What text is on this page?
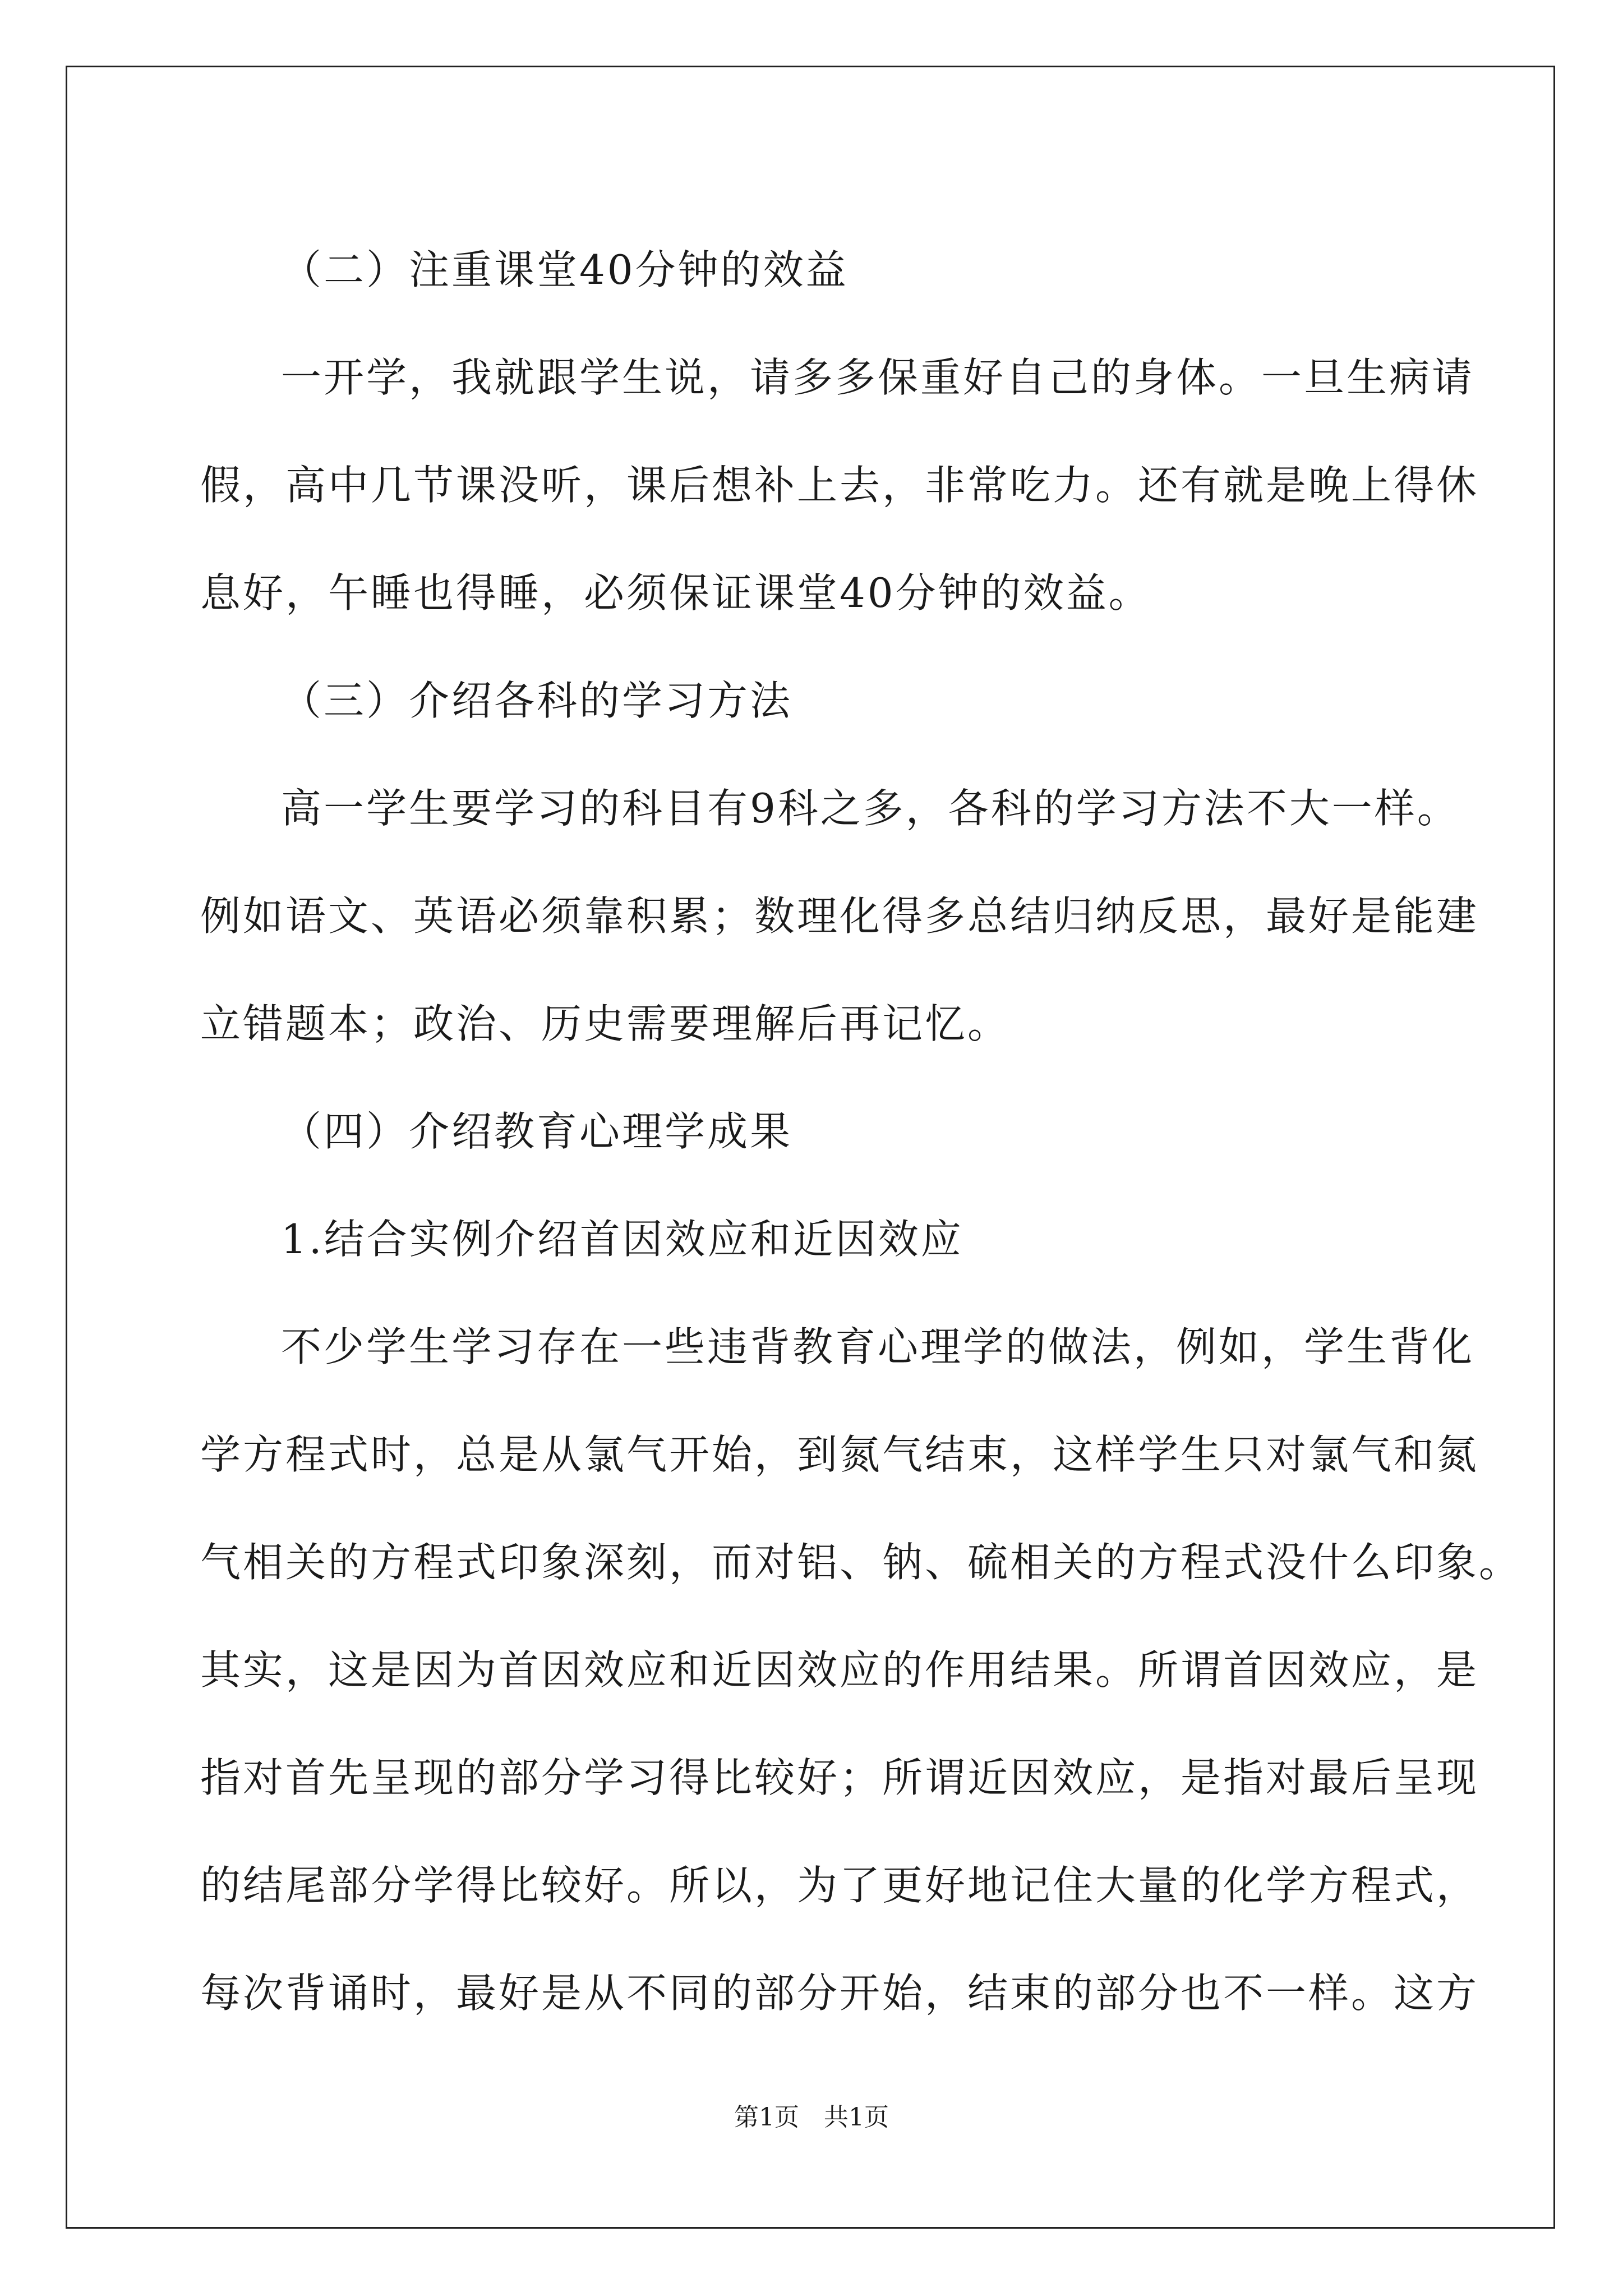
（二）注重课堂40分钟的效益
一开学，我就跟学生说，请多多保重好自己的身体。一旦生病请
假，高中几节课没听，课后想补上去，非常吃力。还有就是晚上得休
息好，午睡也得睡，必须保证课堂40分钟的效益。
（三）介绍各科的学习方法
高一学生要学习的科目有9科之多，各科的学习方法不大一样。
例如语文、英语必须靠积累；数理化得多总结归纳反思，最好是能建
立错题本；政治、历史需要理解后再记忆。
（四）介绍教育心理学成果
1.结合实例介绍首因效应和近因效应
不少学生学习存在一些违背教育心理学的做法，例如，学生背化
学方程式时，总是从氯气开始，到氮气结束，这样学生只对氯气和氮
气相关的方程式印象深刻，而对铝、钠、硫相关的方程式没什么印象。
其实，这是因为首因效应和近因效应的作用结果。所谓首因效应，是
指对首先呈现的部分学习得比较好；所谓近因效应，是指对最后呈现
的结尾部分学得比较好。所以，为了更好地记住大量的化学方程式，
每次背诵时，最好是从不同的部分开始，结束的部分也不一样。这方
第1页　共1页
